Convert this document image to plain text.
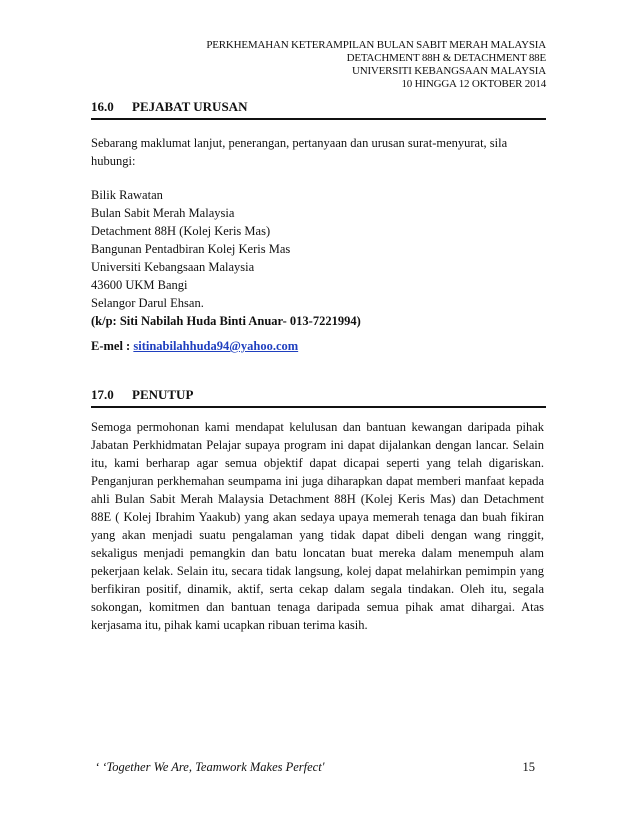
PERKHEMAHAN KETERAMPILAN BULAN SABIT MERAH MALAYSIA
DETACHMENT 88H & DETACHMENT 88E
UNIVERSITI KEBANGSAAN MALAYSIA
10 HINGGA 12 OKTOBER 2014
16.0 PEJABAT URUSAN
Sebarang maklumat lanjut, penerangan, pertanyaan dan urusan surat-menyurat, sila hubungi:
Bilik Rawatan
Bulan Sabit Merah Malaysia
Detachment 88H (Kolej Keris Mas)
Bangunan Pentadbiran Kolej Keris Mas
Universiti Kebangsaan Malaysia
43600 UKM Bangi
Selangor Darul Ehsan.
(k/p: Siti Nabilah Huda Binti Anuar- 013-7221994)
E-mel : sitinabilahhuda94@yahoo.com
17.0 PENUTUP
Semoga permohonan kami mendapat kelulusan dan bantuan kewangan daripada pihak Jabatan Perkhidmatan Pelajar supaya program ini dapat dijalankan dengan lancar. Selain itu, kami berharap agar semua objektif dapat dicapai seperti yang telah digariskan. Penganjuran perkhemahan seumpama ini juga diharapkan dapat memberi manfaat kepada ahli Bulan Sabit Merah Malaysia Detachment 88H (Kolej Keris Mas) dan Detachment 88E ( Kolej Ibrahim Yaakub) yang akan sedaya upaya memerah tenaga dan buah fikiran yang akan menjadi suatu pengalaman yang tidak dapat dibeli dengan wang ringgit, sekaligus menjadi pemangkin dan batu loncatan buat mereka dalam menempuh alam pekerjaan kelak. Selain itu, secara tidak langsung, kolej dapat melahirkan pemimpin yang berfikiran positif, dinamik, aktif, serta cekap dalam segala tindakan. Oleh itu, segala sokongan, komitmen dan bantuan tenaga daripada semua pihak amat dihargai. Atas kerjasama itu, pihak kami ucapkan ribuan terima kasih.
‘ ‘Together We Are, Teamwork Makes Perfect'	15
